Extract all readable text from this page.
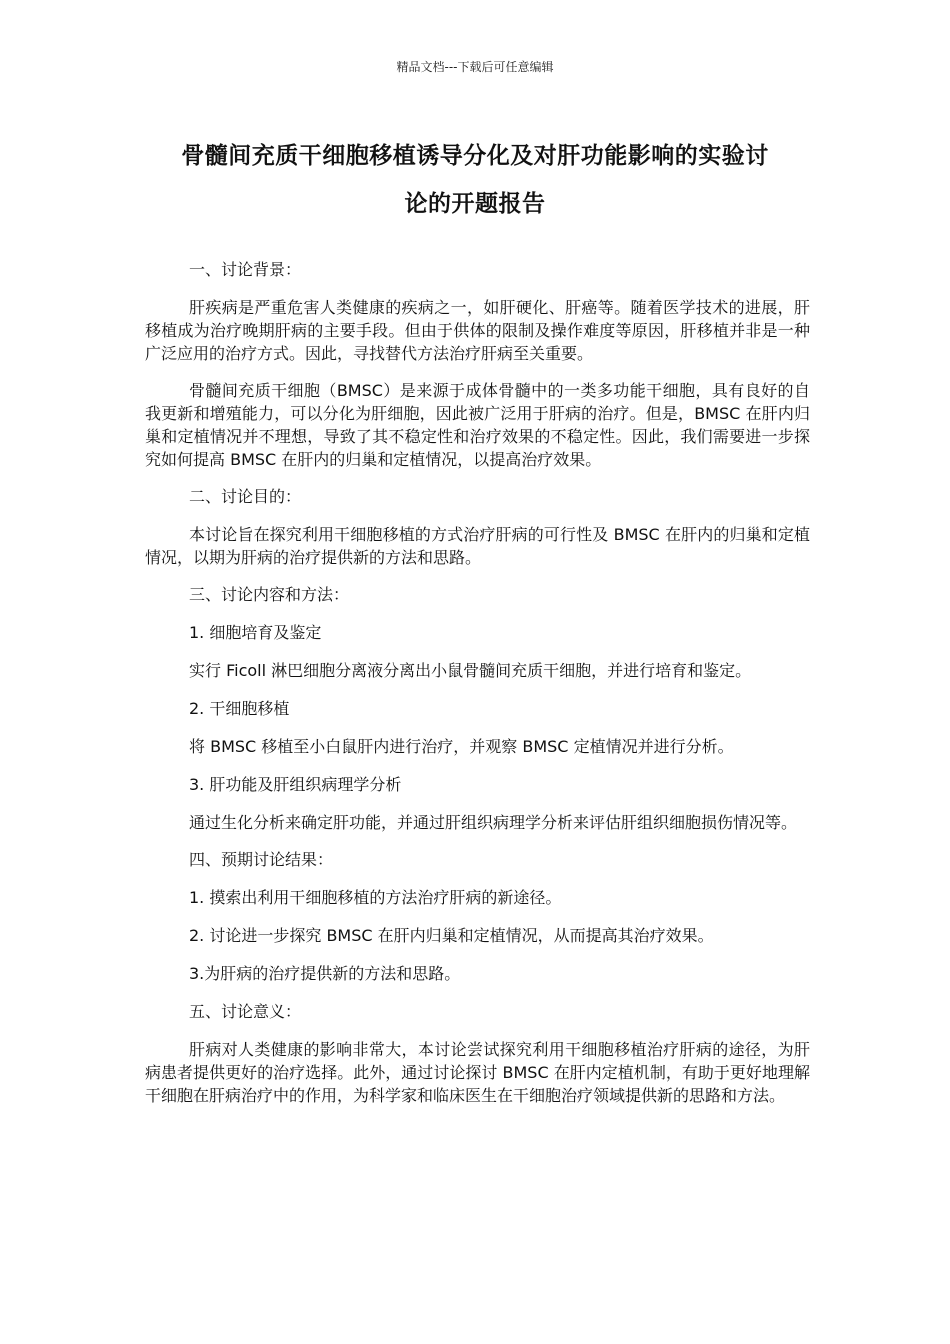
精品文档---下载后可任意编辑
骨髓间充质干细胞移植诱导分化及对肝功能影响的实验讨
论的开题报告

一、讨论背景：

肝疾病是严重危害人类健康的疾病之一，如肝硬化、肝癌等。随着医学技术的进展，肝移植成为治疗晚期肝病的主要手段。但由于供体的限制及操作难度等原因，肝移植并非是一种广泛应用的治疗方式。因此，寻找替代方法治疗肝病至关重要。

骨髓间充质干细胞（BMSC）是来源于成体骨髓中的一类多功能干细胞，具有良好的自我更新和增殖能力，可以分化为肝细胞，因此被广泛用于肝病的治疗。但是，BMSC 在肝内归巢和定植情况并不理想，导致了其不稳定性和治疗效果的不稳定性。因此，我们需要进一步探究如何提高 BMSC 在肝内的归巢和定植情况，以提高治疗效果。

二、讨论目的：

本讨论旨在探究利用干细胞移植的方式治疗肝病的可行性及 BMSC 在肝内的归巢和定植情况，以期为肝病的治疗提供新的方法和思路。

三、讨论内容和方法：

1. 细胞培育及鉴定

实行 Ficoll 淋巴细胞分离液分离出小鼠骨髓间充质干细胞，并进行培育和鉴定。

2. 干细胞移植

将 BMSC 移植至小白鼠肝内进行治疗，并观察 BMSC 定植情况并进行分析。

3. 肝功能及肝组织病理学分析

通过生化分析来确定肝功能，并通过肝组织病理学分析来评估肝组织细胞损伤情况等。

四、预期讨论结果：

1. 摸索出利用干细胞移植的方法治疗肝病的新途径。

2. 讨论进一步探究 BMSC 在肝内归巢和定植情况，从而提高其治疗效果。

3.为肝病的治疗提供新的方法和思路。

五、讨论意义：

肝病对人类健康的影响非常大，本讨论尝试探究利用干细胞移植治疗肝病的途径，为肝病患者提供更好的治疗选择。此外，通过讨论探讨 BMSC 在肝内定植机制，有助于更好地理解干细胞在肝病治疗中的作用，为科学家和临床医生在干细胞治疗领域提供新的思路和方法。
